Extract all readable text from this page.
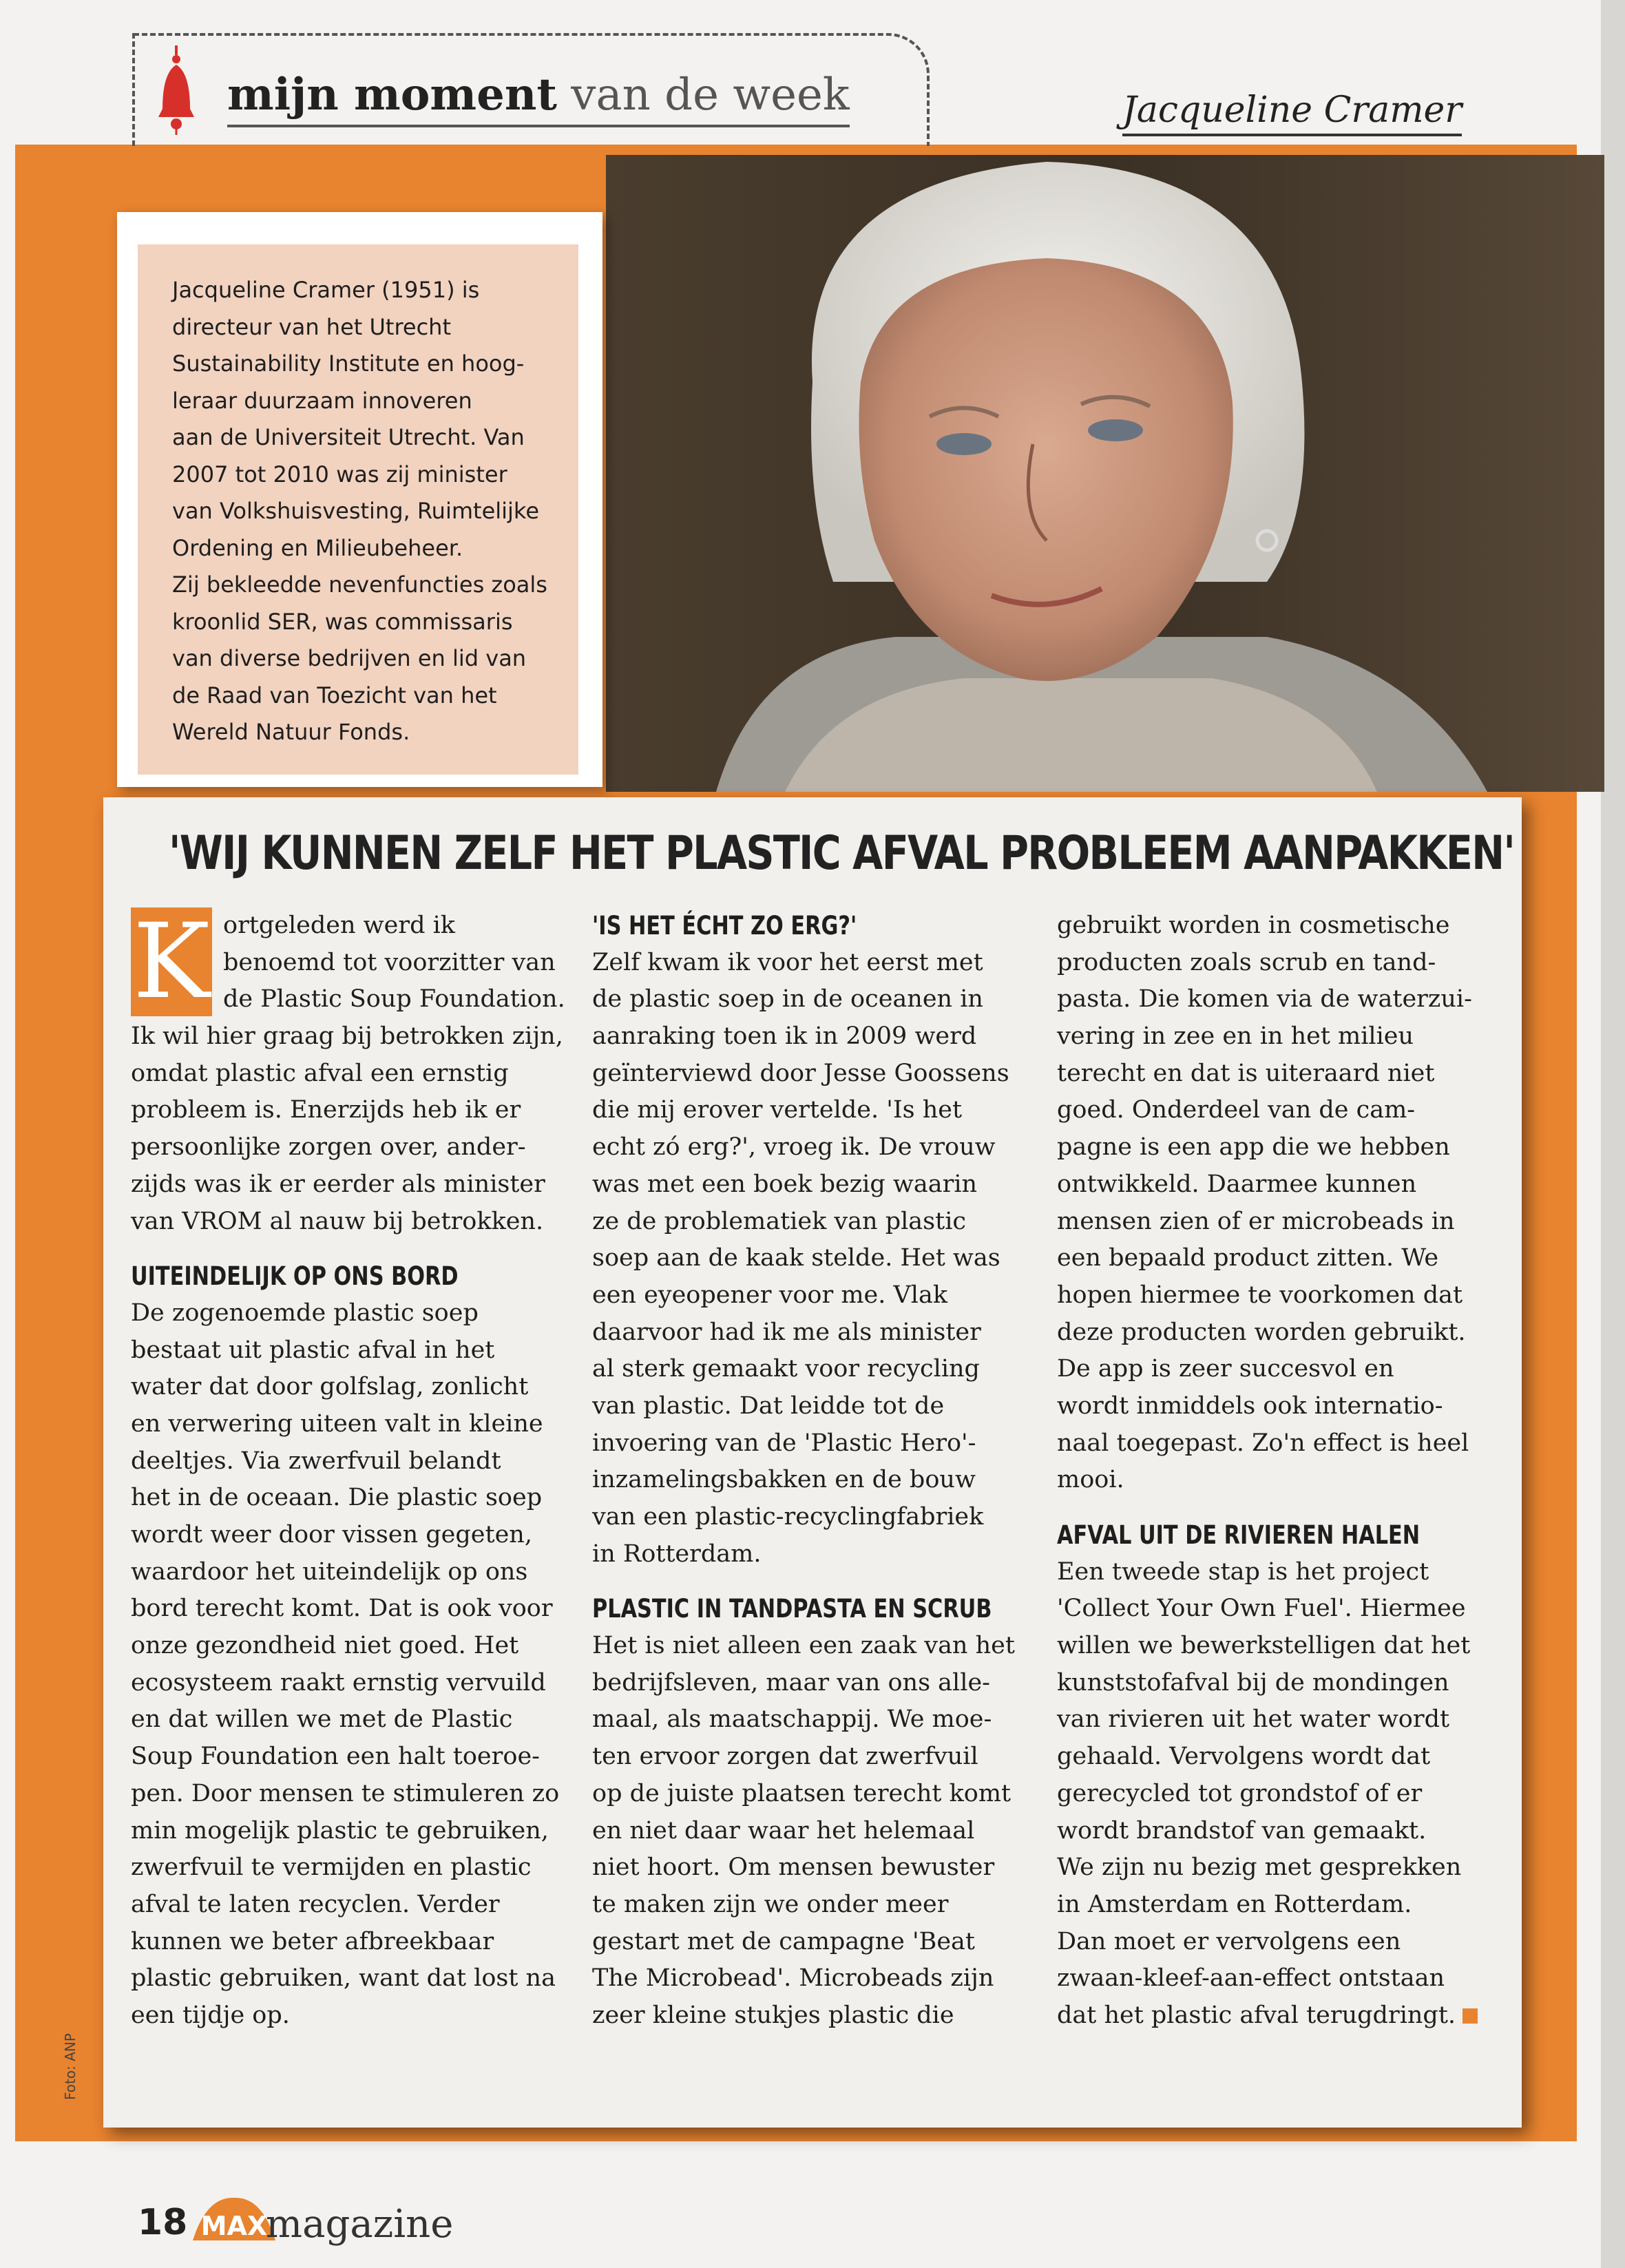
mijn moment van de week	Jacqueline Cramer

Jacqueline Cramer (1951) is
directeur van het Utrecht
Sustainability Institute en hoog-
leraar duurzaam innoveren
aan de Universiteit Utrecht. Van
2007 tot 2010 was zij minister
van Volkshuisvesting, Ruimtelijke
Ordening en Milieubeheer.
Zij bekleedde nevenfuncties zoals
kroonlid SER, was commissaris
van diverse bedrijven en lid van
de Raad van Toezicht van het
Wereld Natuur Fonds.

'WIJ KUNNEN ZELF HET PLASTIC AFVAL PROBLEEM AANPAKKEN'
K ortgeleden werd ik
benoemd tot voorzitter van
de Plastic Soup Foundation.
Ik wil hier graag bij betrokken zijn,
omdat plastic afval een ernstig
probleem is. Enerzijds heb ik er
persoonlijke zorgen over, ander-
zijds was ik er eerder als minister
van VROM al nauw bij betrokken.
UITEINDELIJK OP ONS BORD
De zogenoemde plastic soep
bestaat uit plastic afval in het
water dat door golfslag, zonlicht
en verwering uiteen valt in kleine
deeltjes. Via zwerfvuil belandt
het in de oceaan. Die plastic soep
wordt weer door vissen gegeten,
waardoor het uiteindelijk op ons
bord terecht komt. Dat is ook voor
onze gezondheid niet goed. Het
ecosysteem raakt ernstig vervuild
en dat willen we met de Plastic
Soup Foundation een halt toeroe-
pen. Door mensen te stimuleren zo
min mogelijk plastic te gebruiken,
zwerfvuil te vermijden en plastic
afval te laten recyclen. Verder
kunnen we beter afbreekbaar
plastic gebruiken, want dat lost na
een tijdje op.
'IS HET ÉCHT ZO ERG?'
Zelf kwam ik voor het eerst met
de plastic soep in de oceanen in
aanraking toen ik in 2009 werd
geïnterviewd door Jesse Goossens
die mij erover vertelde. 'Is het
echt zó erg?', vroeg ik. De vrouw
was met een boek bezig waarin
ze de problematiek van plastic
soep aan de kaak stelde. Het was
een eyeopener voor me. Vlak
daarvoor had ik me als minister
al sterk gemaakt voor recycling
van plastic. Dat leidde tot de
invoering van de 'Plastic Hero'-
inzamelingsbakken en de bouw
van een plastic-recyclingfabriek
in Rotterdam.
PLASTIC IN TANDPASTA EN SCRUB
Het is niet alleen een zaak van het
bedrijfsleven, maar van ons alle-
maal, als maatschappij. We moe-
ten ervoor zorgen dat zwerfvuil
op de juiste plaatsen terecht komt
en niet daar waar het helemaal
niet hoort. Om mensen bewuster
te maken zijn we onder meer
gestart met de campagne 'Beat
The Microbead'. Microbeads zijn
zeer kleine stukjes plastic die
gebruikt worden in cosmetische
producten zoals scrub en tand-
pasta. Die komen via de waterzui-
vering in zee en in het milieu
terecht en dat is uiteraard niet
goed. Onderdeel van de cam-
pagne is een app die we hebben
ontwikkeld. Daarmee kunnen
mensen zien of er microbeads in
een bepaald product zitten. We
hopen hiermee te voorkomen dat
deze producten worden gebruikt.
De app is zeer succesvol en
wordt inmiddels ook internatio-
naal toegepast. Zo'n effect is heel
mooi.
AFVAL UIT DE RIVIEREN HALEN
Een tweede stap is het project
'Collect Your Own Fuel'. Hiermee
willen we bewerkstelligen dat het
kunststofafval bij de mondingen
van rivieren uit het water wordt
gehaald. Vervolgens wordt dat
gerecycled tot grondstof of er
wordt brandstof van gemaakt.
We zijn nu bezig met gesprekken
in Amsterdam en Rotterdam.
Dan moet er vervolgens een
zwaan-kleef-aan-effect ontstaan
dat het plastic afval terugdringt.
Foto: ANP
18 MAX
magazine
